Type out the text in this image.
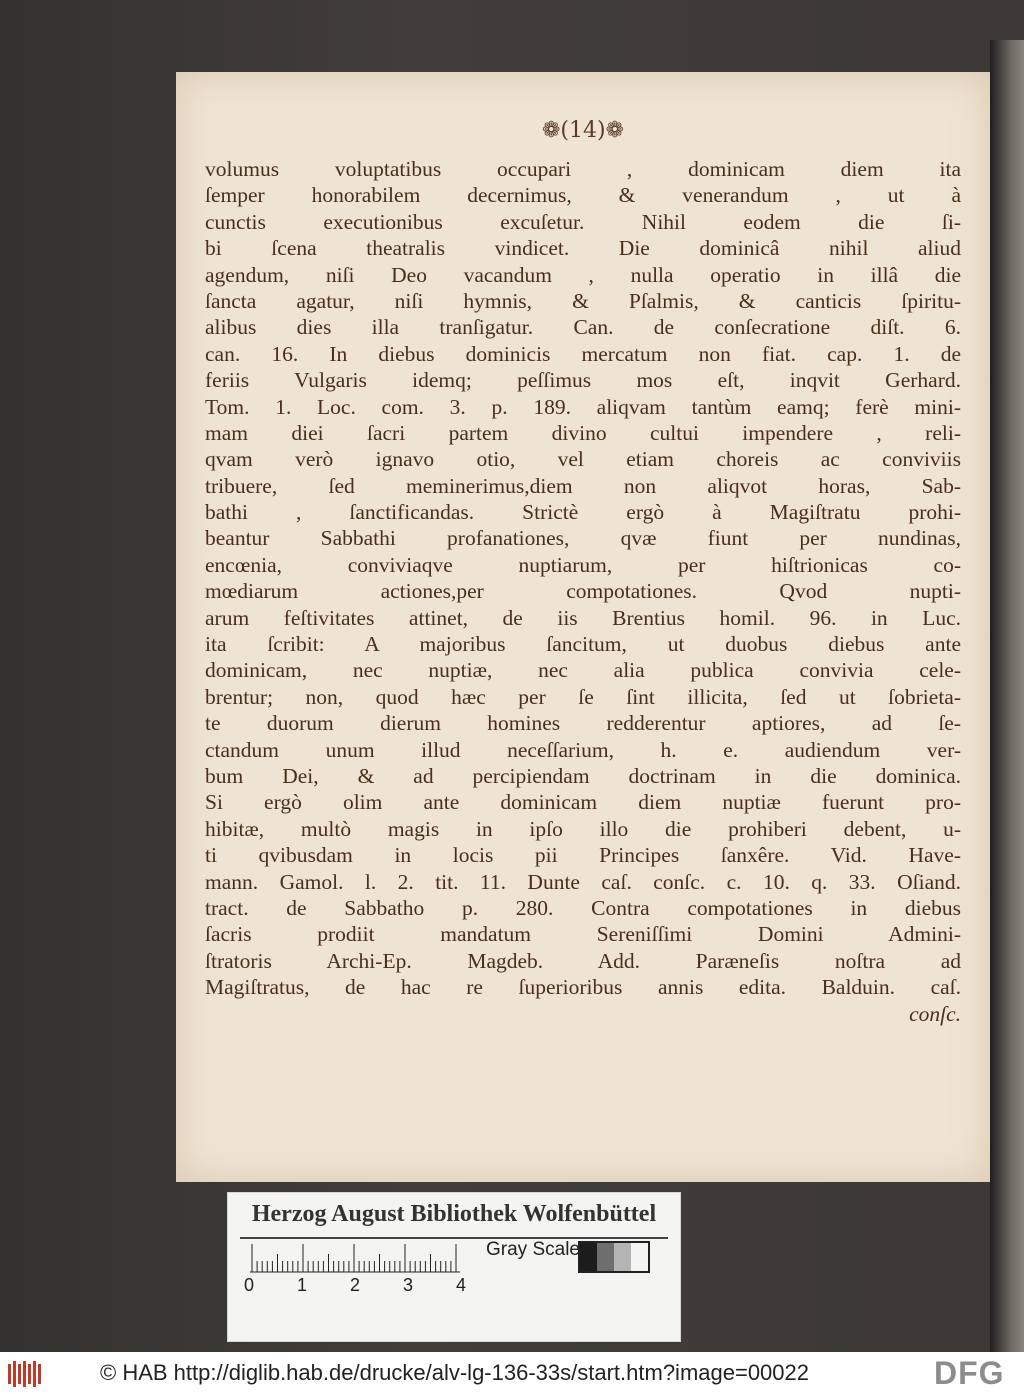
❁(14)❁
volumus voluptatibus occupari , dominicam diem ita
ſemper honorabilem decernimus, & venerandum , ut à
cunctis executionibus excuſetur. Nihil eodem die ſi-
bi ſcena theatralis vindicet. Die dominicâ nihil aliud
agendum, niſi Deo vacandum , nulla operatio in illâ die
ſancta agatur, niſi hymnis, & Pſalmis, & canticis ſpiritu-
alibus dies illa tranſigatur. Can. de conſecratione diſt. 6.
can. 16. In diebus dominicis mercatum non fiat. cap. 1. de
feriis Vulgaris idemq; peſſimus mos eſt, inqvit Gerhard.
Tom. 1. Loc. com. 3. p. 189. aliqvam tantùm eamq; ferè mini-
mam diei ſacri partem divino cultui impendere , reli-
qvam verò ignavo otio, vel etiam choreis ac conviviis
tribuere, ſed meminerimus,diem non aliqvot horas, Sab-
bathi , ſanctificandas. Strictè ergò à Magiſtratu prohi-
beantur Sabbathi profanationes, qvæ fiunt per nundinas,
encœnia, conviviaqve nuptiarum, per hiſtrionicas co-
mœdiarum actiones,per compotationes. Qvod nupti-
arum feſtivitates attinet, de iis Brentius homil. 96. in Luc.
ita ſcribit: A majoribus ſancitum, ut duobus diebus ante
dominicam, nec nuptiæ, nec alia publica convivia cele-
brentur; non, quod hæc per ſe ſint illicita, ſed ut ſobrieta-
te duorum dierum homines redderentur aptiores, ad ſe-
ctandum unum illud neceſſarium, h. e. audiendum ver-
bum Dei, & ad percipiendam doctrinam in die dominica.
Si ergò olim ante dominicam diem nuptiæ fuerunt pro-
hibitæ, multò magis in ipſo illo die prohiberi debent, u-
ti qvibusdam in locis pii Principes ſanxêre. Vid. Have-
mann. Gamol. l. 2. tit. 11. Dunte caſ. conſc. c. 10. q. 33. Oſiand.
tract. de Sabbatho p. 280. Contra compotationes in diebus
ſacris prodiit mandatum Sereniſſimi Domini Admini-
ſtratoris Archi-Ep. Magdeb. Add. Paræneſis noſtra ad
Magiſtratus, de hac re ſuperioribus annis edita. Balduin. caſ.
conſc.
Herzog August Bibliothek Wolfenbüttel
0 1 2 3 4
Gray Scale
© HAB http://diglib.hab.de/drucke/alv-lg-136-33s/start.htm?image=00022	DFG
